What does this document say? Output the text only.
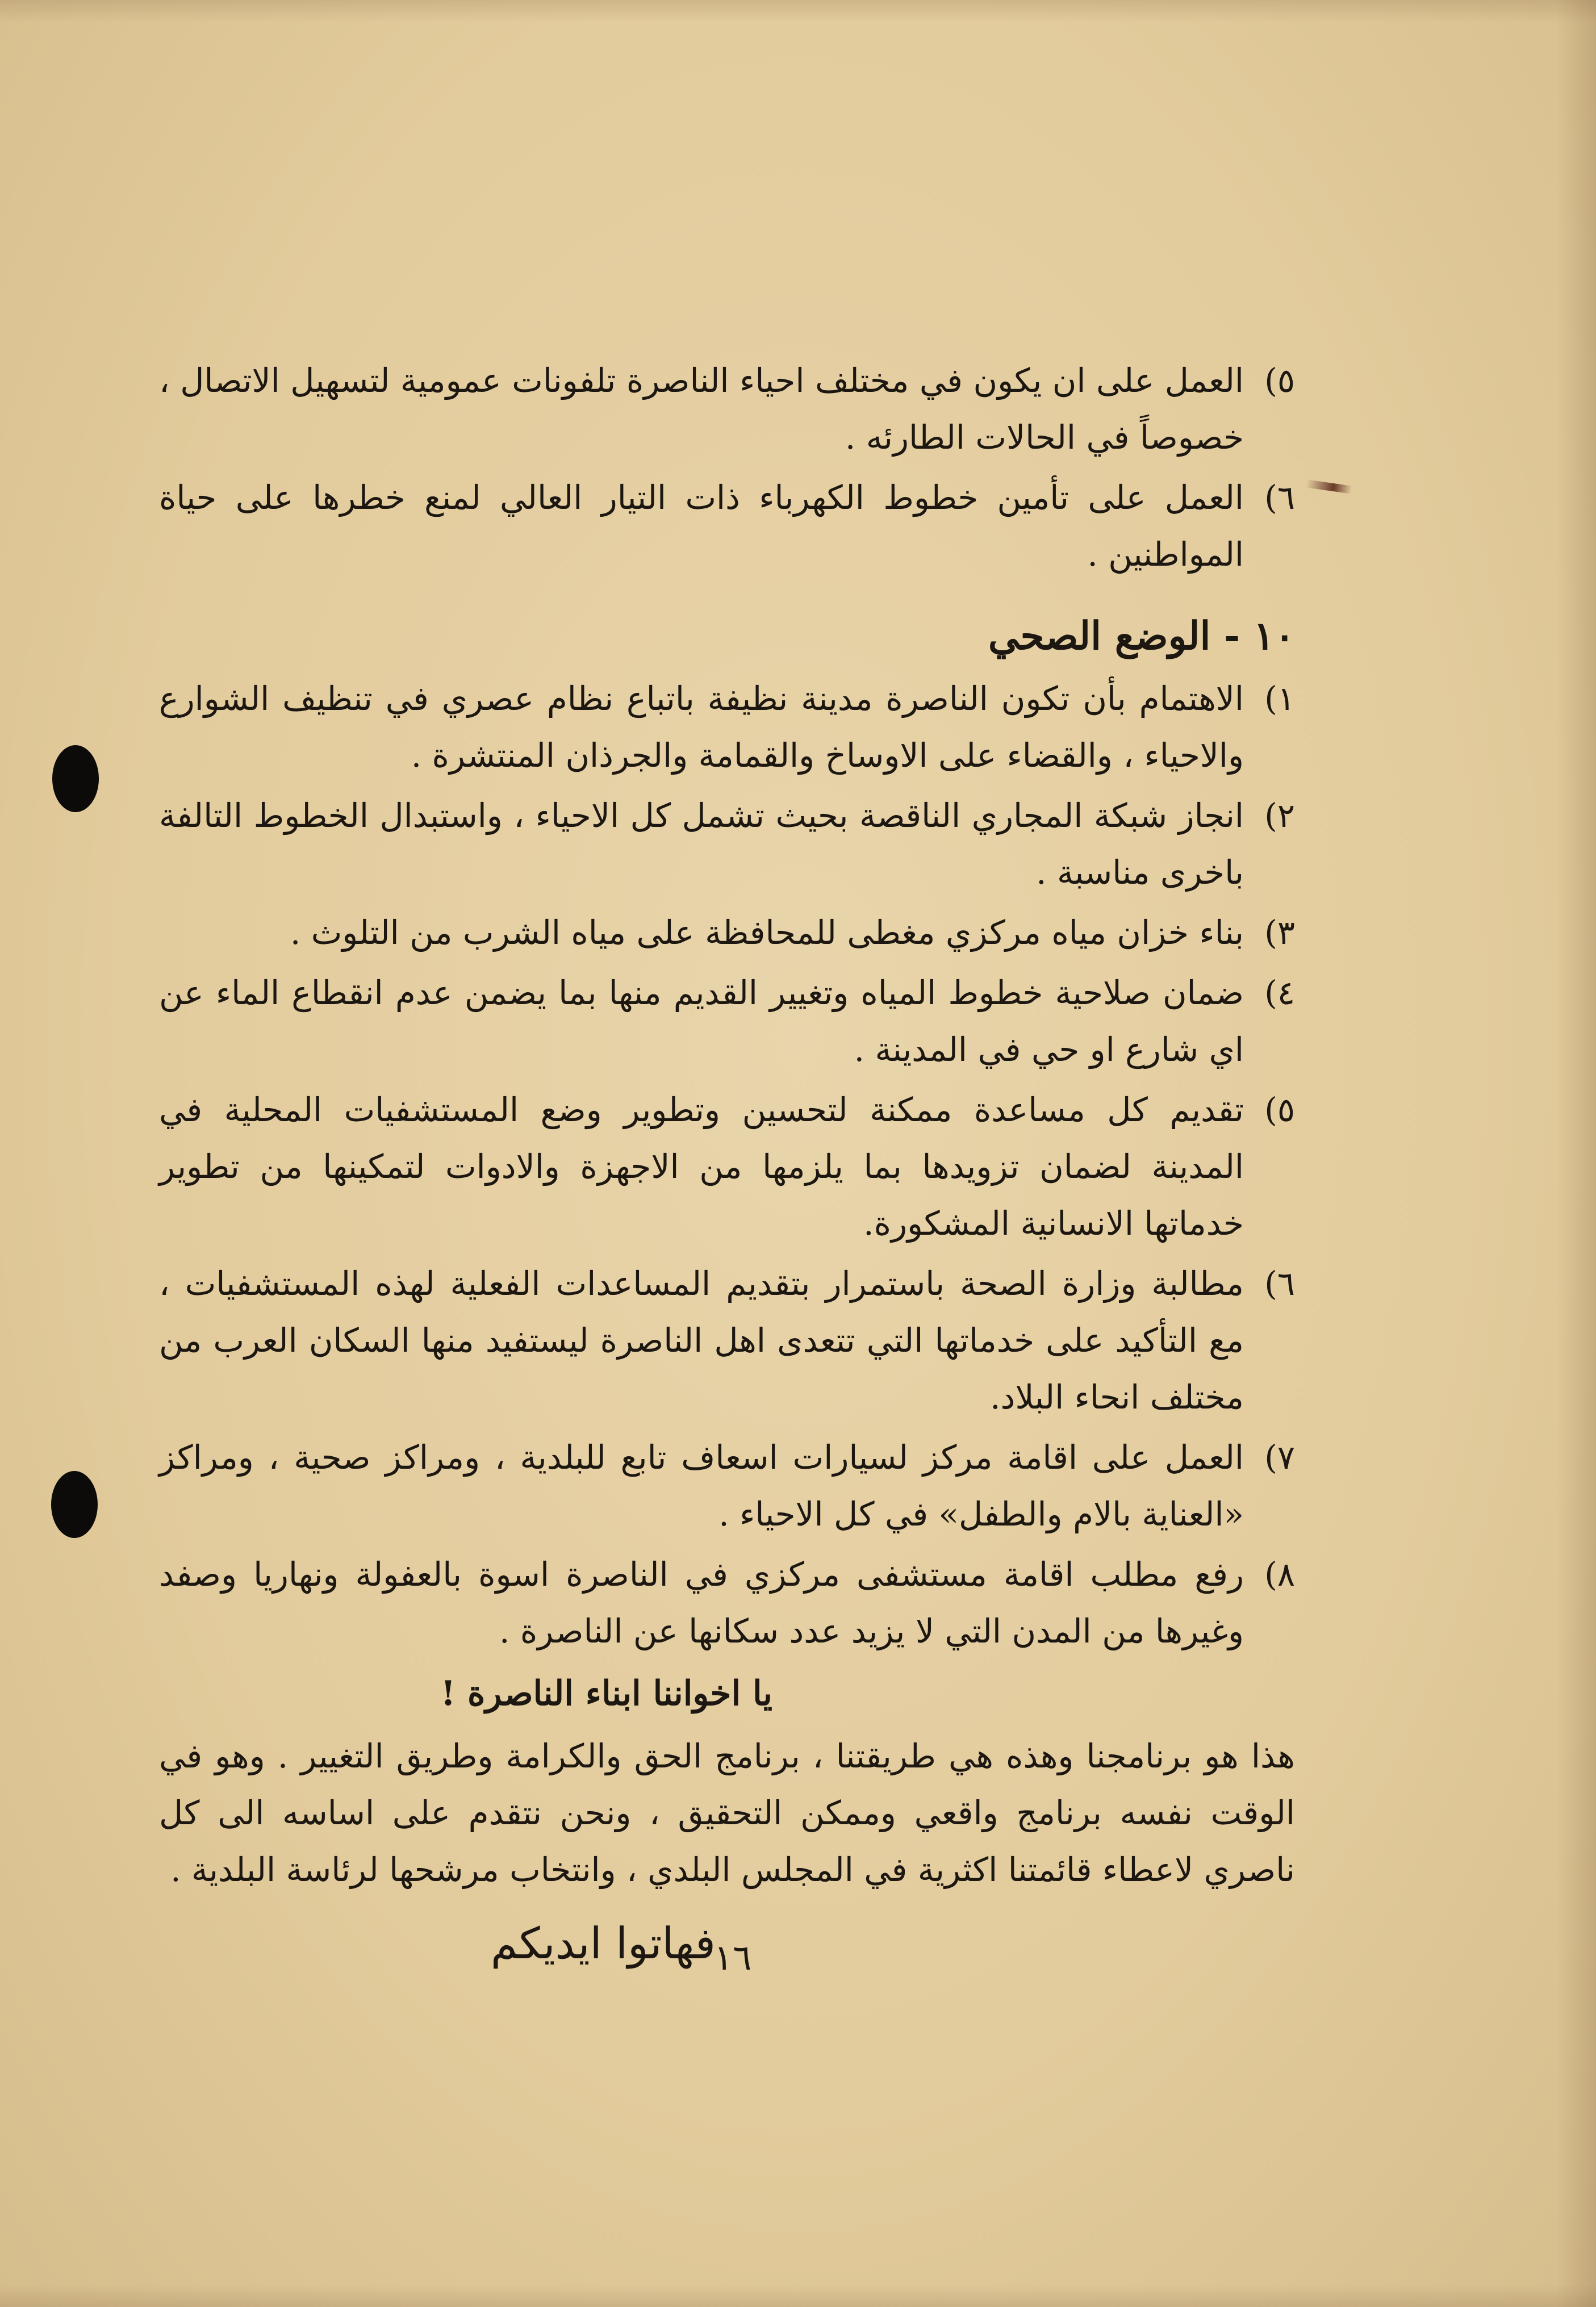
٥)
العمل على ان يكون في مختلف احياء الناصرة تلفونات عمومية لتسهيل الاتصال ، خصوصاً في الحالات الطارئه .
٦)
العمل على تأمين خطوط الكهرباء ذات التيار العالي لمنع خطرها على حياة المواطنين .
١٠ - الوضع الصحي
١)
الاهتمام بأن تكون الناصرة مدينة نظيفة باتباع نظام عصري في تنظيف الشوارع والاحياء ، والقضاء على الاوساخ والقمامة والجرذان المنتشرة .
٢)
انجاز شبكة المجاري الناقصة بحيث تشمل كل الاحياء ، واستبدال الخطوط التالفة باخرى مناسبة .
٣)
بناء خزان مياه مركزي مغطى للمحافظة على مياه الشرب من التلوث .
٤)
ضمان صلاحية خطوط المياه وتغيير القديم منها بما يضمن عدم انقطاع الماء عن اي شارع او حي في المدينة .
٥)
تقديم كل مساعدة ممكنة لتحسين وتطوير وضع المستشفيات المحلية في المدينة لضمان تزويدها بما يلزمها من الاجهزة والادوات لتمكينها من تطوير خدماتها الانسانية المشكورة.
٦)
مطالبة وزارة الصحة باستمرار بتقديم المساعدات الفعلية لهذه المستشفيات ، مع التأكيد على خدماتها التي تتعدى اهل الناصرة ليستفيد منها السكان العرب من مختلف انحاء البلاد.
٧)
العمل على اقامة مركز لسيارات اسعاف تابع للبلدية ، ومراكز صحية ، ومراكز «العناية بالام والطفل» في كل الاحياء .
٨)
رفع مطلب اقامة مستشفى مركزي في الناصرة اسوة بالعفولة ونهاريا وصفد وغيرها من المدن التي لا يزيد عدد سكانها عن الناصرة .
يا اخواننا ابناء الناصرة !
هذا هو برنامجنا وهذه هي طريقتنا ، برنامج الحق والكرامة وطريق التغيير . وهو في الوقت نفسه برنامج واقعي وممكن التحقيق ، ونحن نتقدم على اساسه الى كل ناصري لاعطاء قائمتنا اكثرية في المجلس البلدي ، وانتخاب مرشحها لرئاسة البلدية .
فهاتوا ايديكم
١٦
